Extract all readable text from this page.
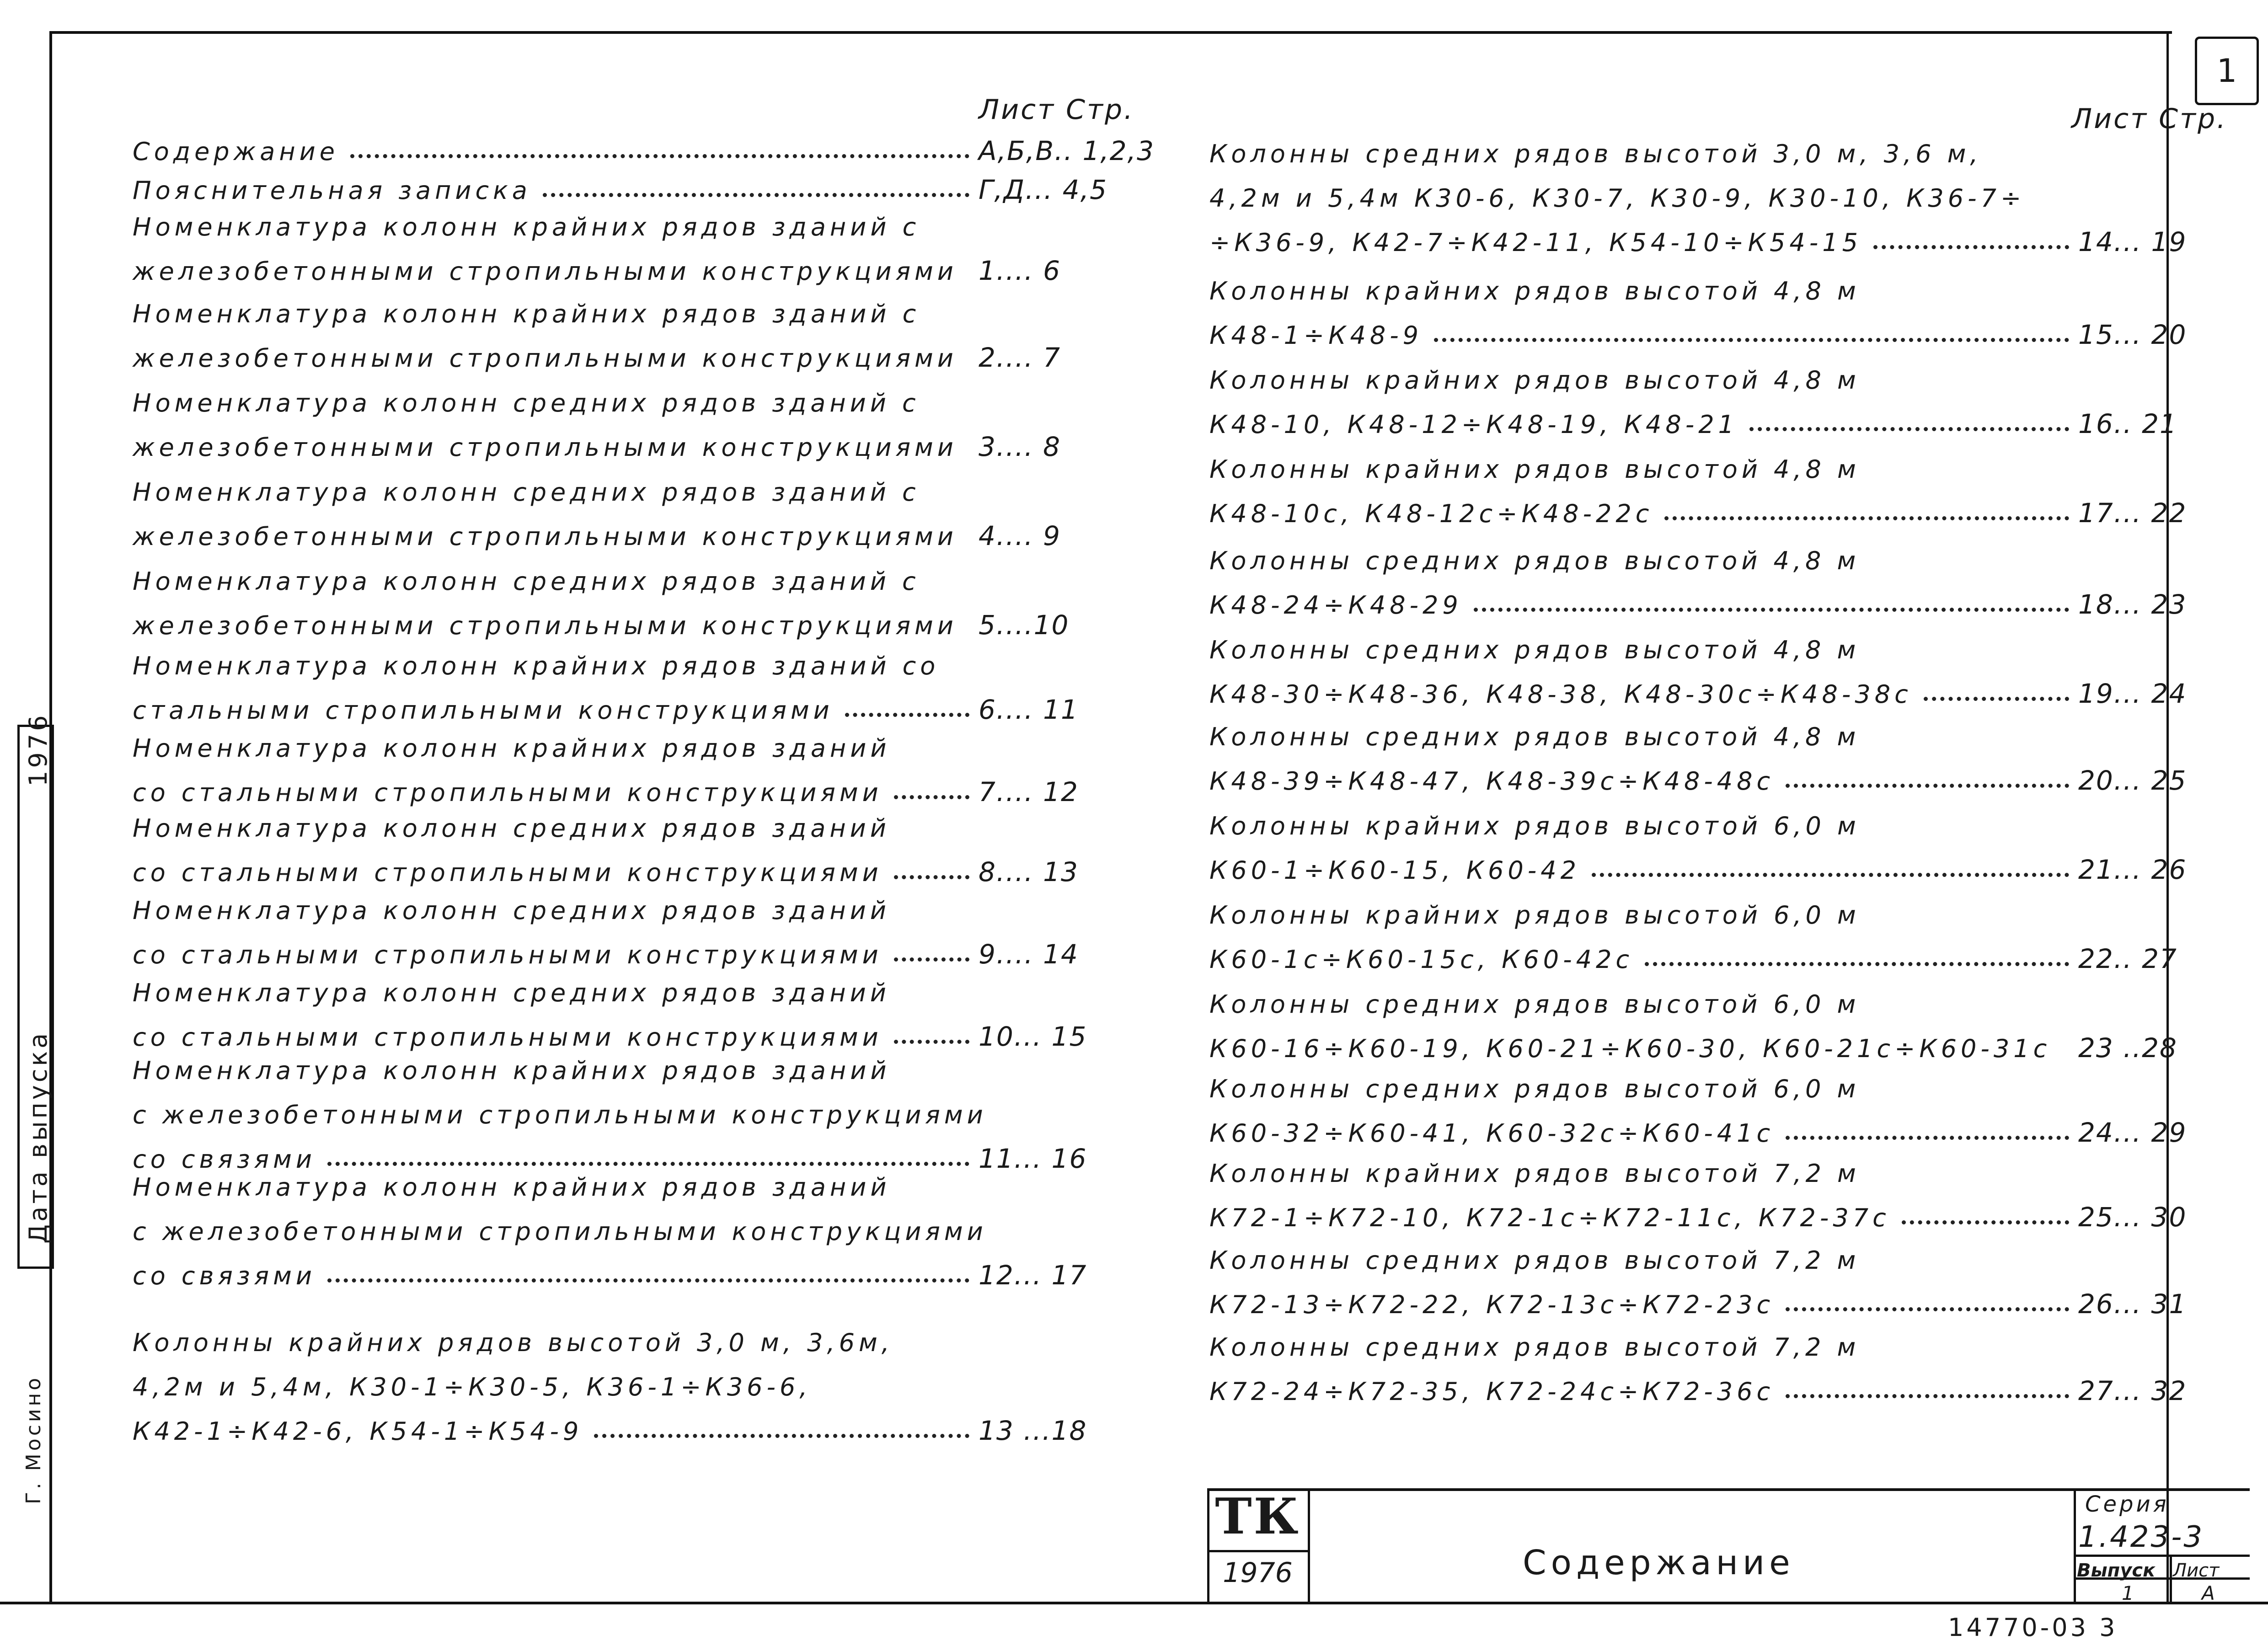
1
Лист Стр.	Лист Стр.
Содержание	А,Б,В.. 1,2,3
Пояснительная записка	Г,Д... 4,5
Номенклатура колонн крайних рядов зданий с
железобетонными стропильными конструкциями 1.... 6
Номенклатура колонн крайних рядов зданий с
железобетонными стропильными конструкциями 2.... 7
Номенклатура колонн средних рядов зданий с
железобетонными стропильными конструкциями 3.... 8
Номенклатура колонн средних рядов зданий с
железобетонными стропильными конструкциями 4.... 9
Номенклатура колонн средних рядов зданий с
железобетонными стропильными конструкциями 5....10
Номенклатура колонн крайних рядов зданий со
стальными стропильными конструкциями	6.... 11
Номенклатура колонн крайних рядов зданий
со стальными стропильными конструкциями	7.... 12
Номенклатура колонн средних рядов зданий
со стальными стропильными конструкциями	8.... 13
Номенклатура колонн средних рядов зданий
со стальными стропильными конструкциями	9.... 14
Номенклатура колонн средних рядов зданий
со стальными стропильными конструкциями	10... 15
Номенклатура колонн крайних рядов зданий
с железобетонными стропильными конструкциями
со связями	11... 16
Номенклатура колонн крайних рядов зданий
с железобетонными стропильными конструкциями
со связями	12... 17
Колонны крайних рядов высотой 3,0 м, 3,6м,
4,2м и 5,4м, К30-1÷К30-5, К36-1÷К36-6,
К42-1÷К42-6, К54-1÷К54-9	13 ...18
Колонны средних рядов высотой 3,0 м, 3,6 м,
4,2м и 5,4м К30-6, К30-7, К30-9, К30-10, К36-7÷
÷К36-9, К42-7÷К42-11, К54-10÷К54-15	14... 19
Колонны крайних рядов высотой 4,8 м
К48-1÷К48-9	15... 20
Колонны крайних рядов высотой 4,8 м
К48-10, К48-12÷К48-19, К48-21	16.. 21
Колонны крайних рядов высотой 4,8 м
К48-10с, К48-12с÷К48-22с	17... 22
Колонны средних рядов высотой 4,8 м
К48-24÷К48-29	18... 23
Колонны средних рядов высотой 4,8 м
К48-30÷К48-36, К48-38, К48-30с÷К48-38с	19... 24
Колонны средних рядов высотой 4,8 м
К48-39÷К48-47, К48-39с÷К48-48с	20... 25
Колонны крайних рядов высотой 6,0 м
К60-1÷К60-15, К60-42	21... 26
Колонны крайних рядов высотой 6,0 м
К60-1с÷К60-15с, К60-42с	22.. 27
Колонны средних рядов высотой 6,0 м
К60-16÷К60-19, К60-21÷К60-30, К60-21с÷К60-31с 23 ..28
Колонны средних рядов высотой 6,0 м
К60-32÷К60-41, К60-32с÷К60-41с	24... 29
Колонны крайних рядов высотой 7,2 м
К72-1÷К72-10, К72-1с÷К72-11с, К72-37с	25... 30
Колонны средних рядов высотой 7,2 м
К72-13÷К72-22, К72-13с÷К72-23с	26... 31
Колонны средних рядов высотой 7,2 м
К72-24÷К72-35, К72-24с÷К72-36с	27... 32
Дата выпуска
1976
Г. Мосино
ТК
1976	Содержание
Серия
1.423-3
Выпуск
1
Лист
А
14770-03 3
